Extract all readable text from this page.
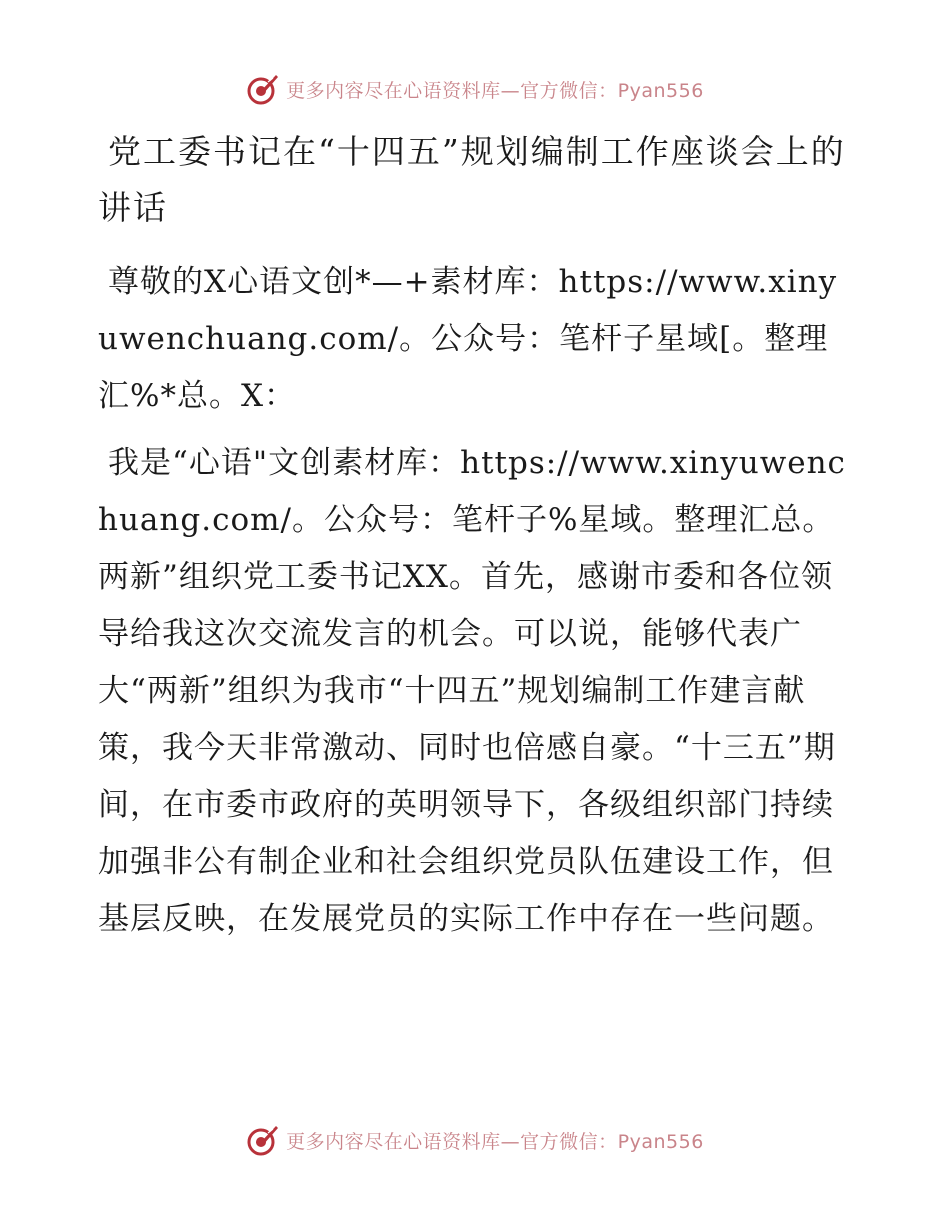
更多内容尽在心语资料库—官方微信：Pyan556
党工委书记在“十四五”规划编制工作座谈会上的讲话

尊敬的X心语文创*—+素材库：https://www.xinyuwenchuang.com/。公众号：笔杆子星域[。整理汇%*总。X：

我是“心语"文创素材库：https://www.xinyuwenchuang.com/。公众号：笔杆子%星域。整理汇总。两新”组织党工委书记XX。首先，感谢市委和各位领导给我这次交流发言的机会。可以说，能够代表广大“两新”组织为我市“十四五”规划编制工作建言献策，我今天非常激动、同时也倍感自豪。“十三五”期间，在市委市政府的英明领导下，各级组织部门持续加强非公有制企业和社会组织党员队伍建设工作，但基层反映，在发展党员的实际工作中存在一些问题。

更多内容尽在心语资料库—官方微信：Pyan556
